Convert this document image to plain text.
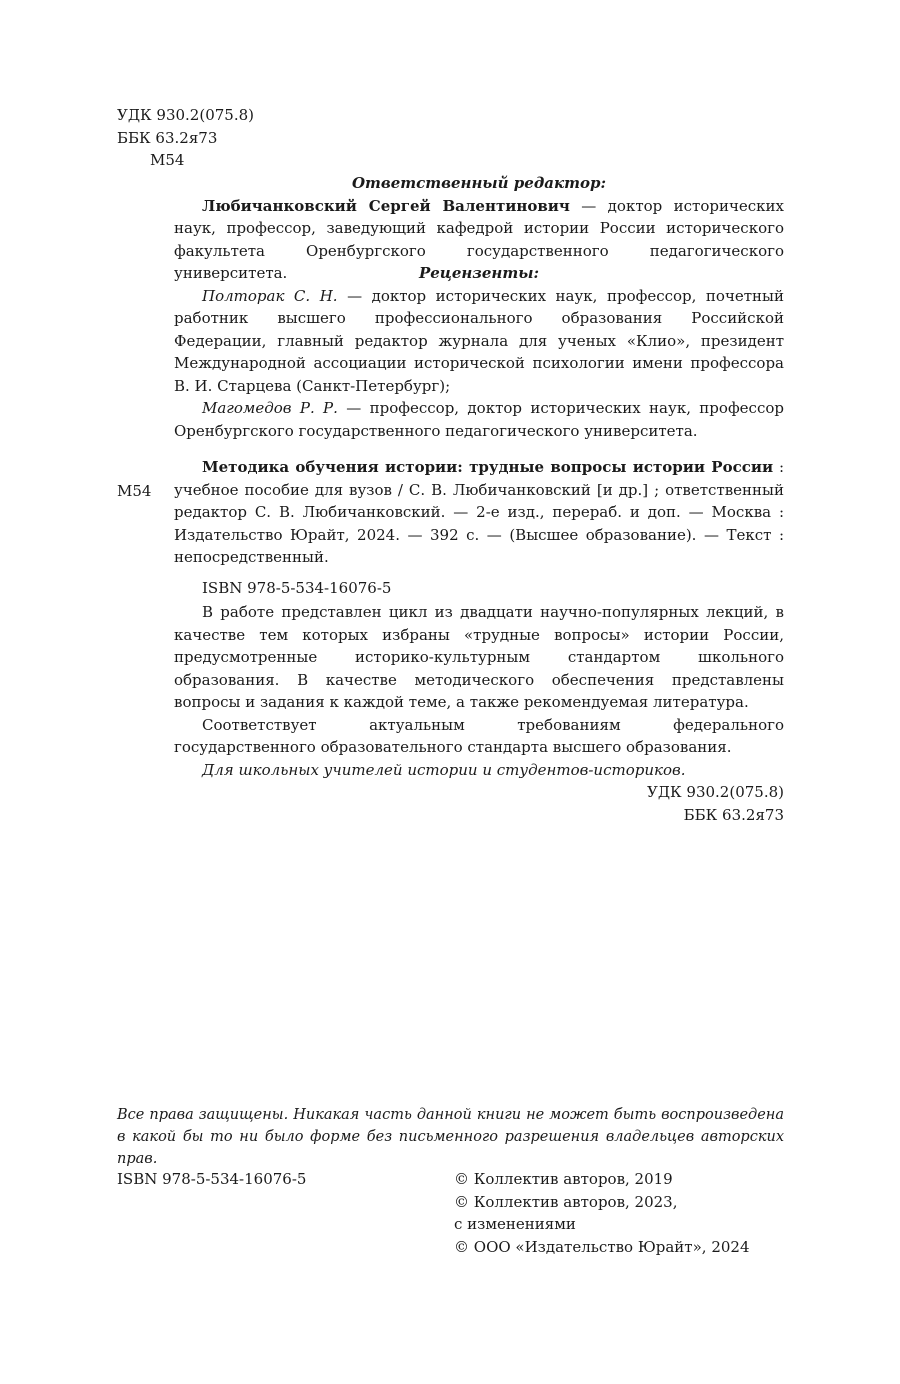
УДК 930.2(075.8)
ББК 63.2я73
М54

Ответственный редактор:

Любичанковский Сергей Валентинович — доктор исторических наук, профессор, заведующий кафедрой истории России исторического факультета Оренбургского государственного педагогического университета.	Рецензенты:

Полторак С. Н. — доктор исторических наук, профессор, почетный работник высшего профессионального образования Российской Федерации, главный редактор журнала для ученых «Клио», президент Международной ассоциации исторической психологии имени профессора В. И. Старцева (Санкт-Петербург);

Магомедов Р. Р. — профессор, доктор исторических наук, профессор Оренбургского государственного педагогического университета.

М54

Методика обучения истории: трудные вопросы истории России : учебное пособие для вузов / С. В. Любичанковский [и др.] ; ответственный редактор С. В. Любичанковский. — 2-е изд., перераб. и доп. — Москва : Издательство Юрайт, 2024. — 392 с. — (Высшее образование). — Текст : непосредственный.

ISBN 978-5-534-16076-5

В работе представлен цикл из двадцати научно-популярных лекций, в качестве тем которых избраны «трудные вопросы» истории России, предусмотренные историко-культурным стандартом школьного образования. В качестве методического обеспечения представлены вопросы и задания к каждой теме, а также рекомендуемая литература.

Соответствует актуальным требованиям федерального государственного образовательного стандарта высшего образования.

Для школьных учителей истории и студентов-историков.

УДК 930.2(075.8)

ББК 63.2я73

Все права защищены. Никакая часть данной книги не может быть воспроизведена в какой бы то ни было форме без письменного разрешения владельцев авторских прав.
ISBN 978-5-534-16076-5	© Коллектив авторов, 2019
© Коллектив авторов, 2023,
с изменениями
© ООО «Издательство Юрайт», 2024
